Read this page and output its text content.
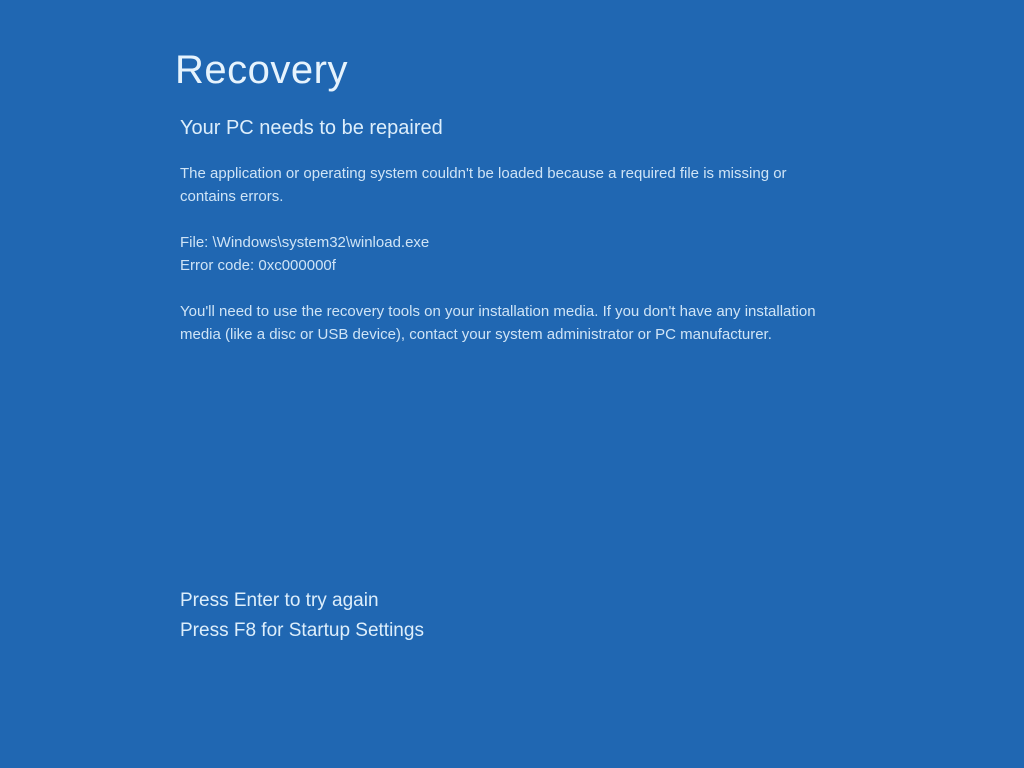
Recovery
Your PC needs to be repaired
The application or operating system couldn't be loaded because a required file is missing or
contains errors.
File: \Windows\system32\winload.exe
Error code: 0xc000000f
You'll need to use the recovery tools on your installation media. If you don't have any installation
media (like a disc or USB device), contact your system administrator or PC manufacturer.
Press Enter to try again
Press F8 for Startup Settings
